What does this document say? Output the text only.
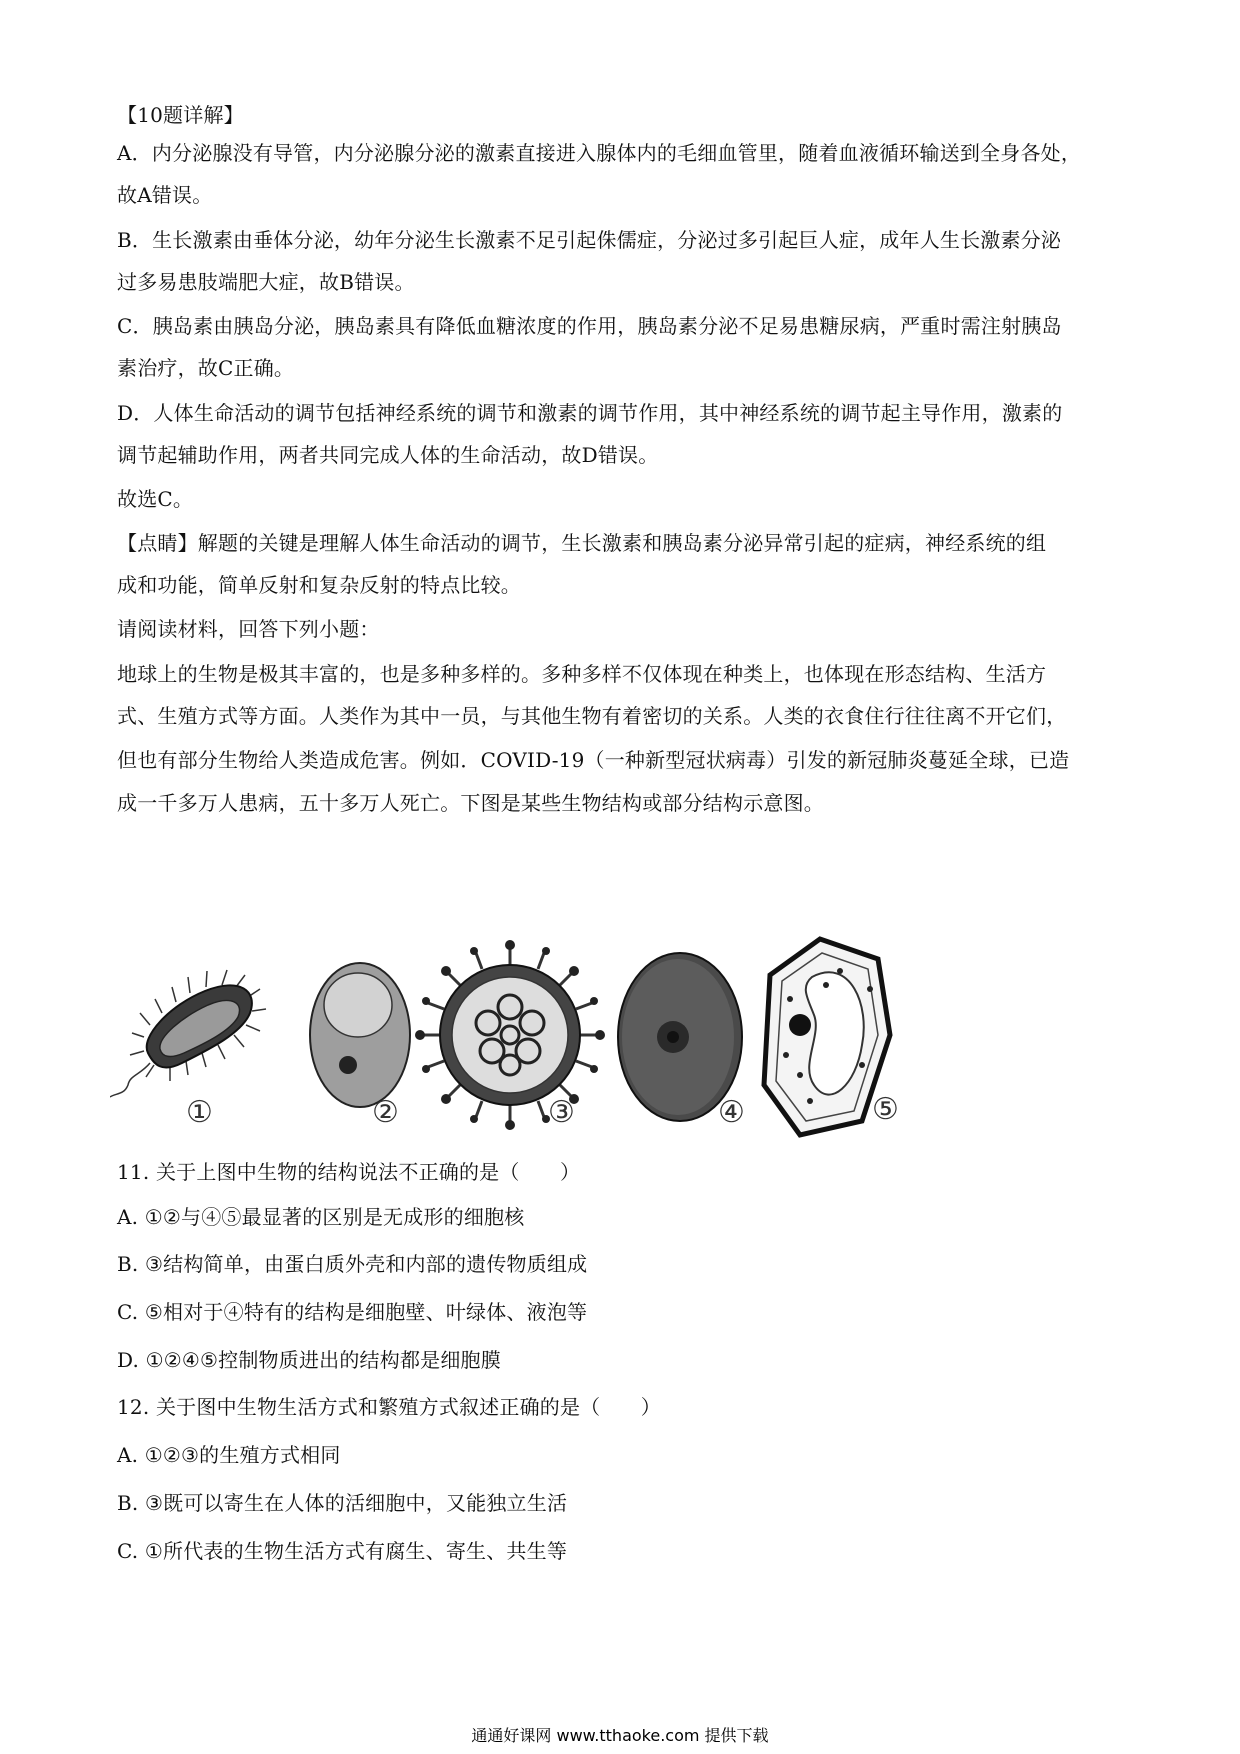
【10题详解】
A．内分泌腺没有导管，内分泌腺分泌的激素直接进入腺体内的毛细血管里，随着血液循环输送到全身各处，
故A错误。
B．生长激素由垂体分泌，幼年分泌生长激素不足引起侏儒症，分泌过多引起巨人症，成年人生长激素分泌
过多易患肢端肥大症，故B错误。
C．胰岛素由胰岛分泌，胰岛素具有降低血糖浓度的作用，胰岛素分泌不足易患糖尿病，严重时需注射胰岛
素治疗，故C正确。
D．人体生命活动的调节包括神经系统的调节和激素的调节作用，其中神经系统的调节起主导作用，激素的
调节起辅助作用，两者共同完成人体的生命活动，故D错误。
故选C。
【点睛】解题的关键是理解人体生命活动的调节，生长激素和胰岛素分泌异常引起的症病，神经系统的组
成和功能，简单反射和复杂反射的特点比较。
请阅读材料，回答下列小题：
地球上的生物是极其丰富的，也是多种多样的。多种多样不仅体现在种类上，也体现在形态结构、生活方
式、生殖方式等方面。人类作为其中一员，与其他生物有着密切的关系。人类的衣食住行往往离不开它们，
但也有部分生物给人类造成危害。例如．COVID-19（一种新型冠状病毒）引发的新冠肺炎蔓延全球，已造
成一千多万人患病，五十多万人死亡。下图是某些生物结构或部分结构示意图。
①	②	③	④	⑤
11. 关于上图中生物的结构说法不正确的是（　　）
A. ①②与④⑤最显著的区别是无成形的细胞核
B. ③结构简单，由蛋白质外壳和内部的遗传物质组成
C. ⑤相对于④特有的结构是细胞壁、叶绿体、液泡等
D. ①②④⑤控制物质进出的结构都是细胞膜
12. 关于图中生物生活方式和繁殖方式叙述正确的是（　　）
A. ①②③的生殖方式相同
B. ③既可以寄生在人体的活细胞中，又能独立生活
C. ①所代表的生物生活方式有腐生、寄生、共生等
通通好课网 www.tthaoke.com 提供下载
